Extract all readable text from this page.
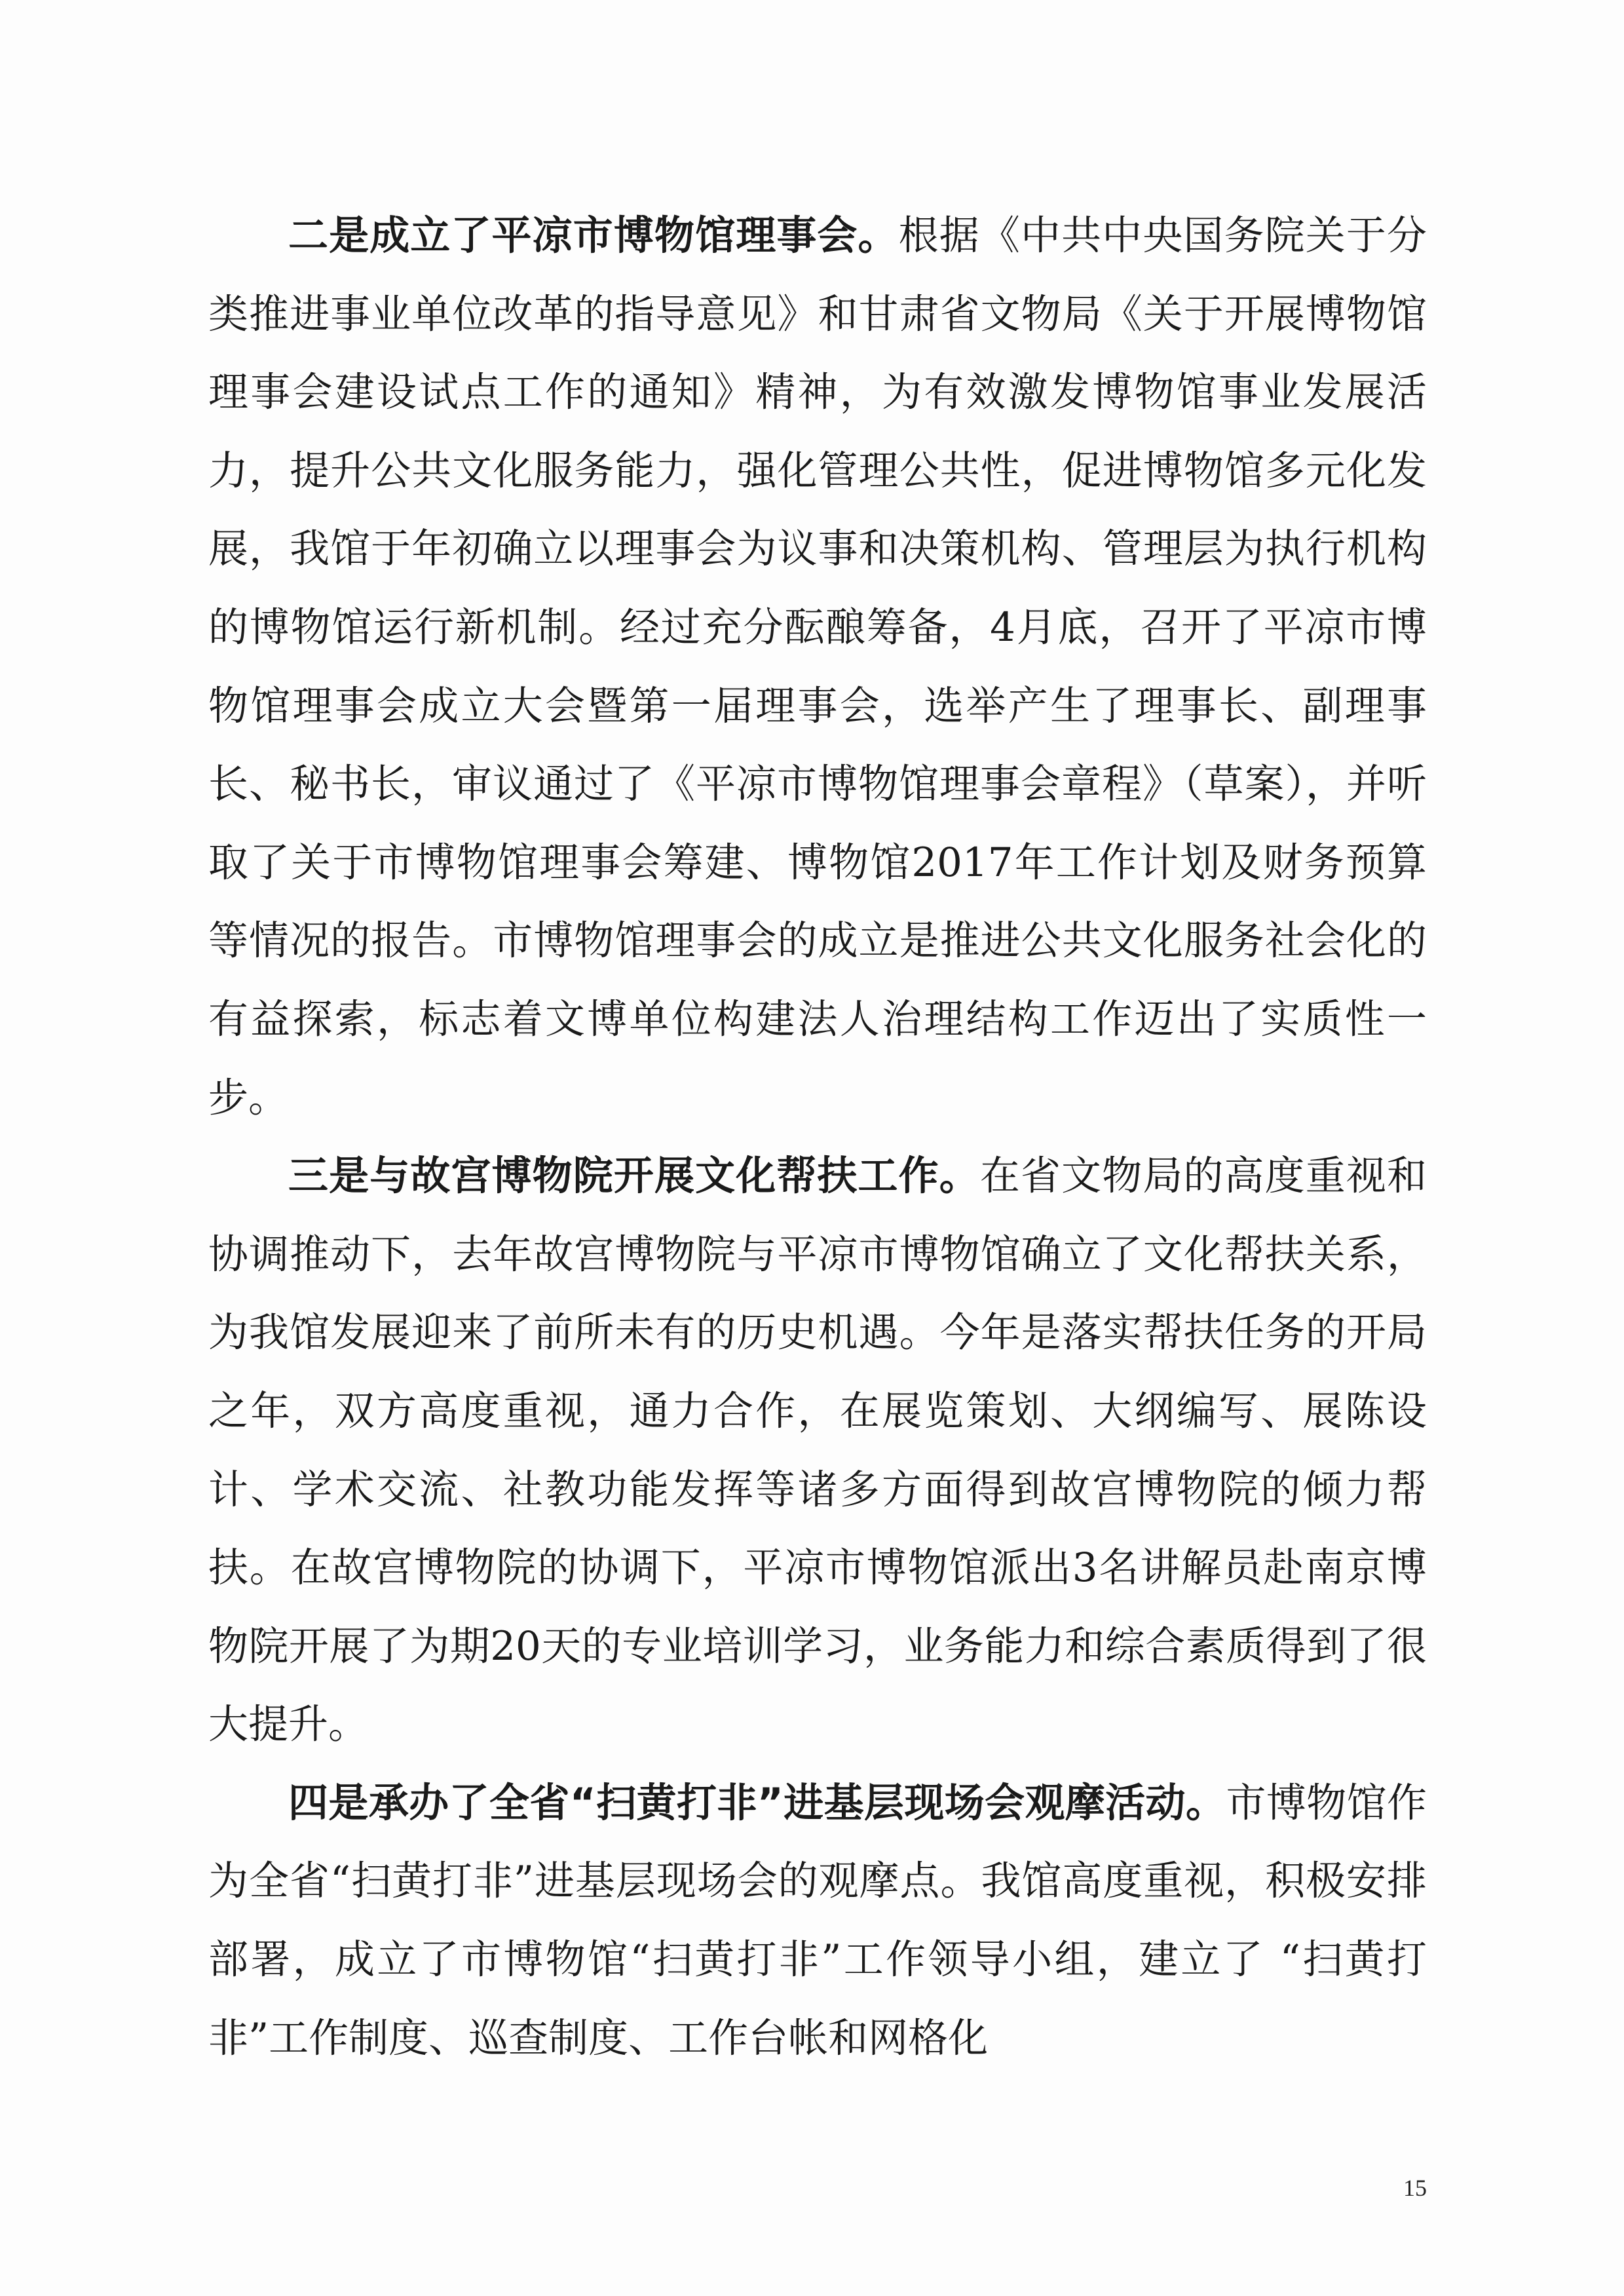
二是成立了平凉市博物馆理事会。根据《中共中央国务院关于分类推进事业单位改革的指导意见》和甘肃省文物局《关于开展博物馆理事会建设试点工作的通知》精神，为有效激发博物馆事业发展活力，提升公共文化服务能力，强化管理公共性，促进博物馆多元化发展，我馆于年初确立以理事会为议事和决策机构、管理层为执行机构的博物馆运行新机制。经过充分酝酿筹备，4月底，召开了平凉市博物馆理事会成立大会暨第一届理事会，选举产生了理事长、副理事长、秘书长，审议通过了《平凉市博物馆理事会章程》（草案），并听取了关于市博物馆理事会筹建、博物馆2017年工作计划及财务预算等情况的报告。市博物馆理事会的成立是推进公共文化服务社会化的有益探索，标志着文博单位构建法人治理结构工作迈出了实质性一步。

三是与故宫博物院开展文化帮扶工作。在省文物局的高度重视和协调推动下，去年故宫博物院与平凉市博物馆确立了文化帮扶关系，为我馆发展迎来了前所未有的历史机遇。今年是落实帮扶任务的开局之年，双方高度重视，通力合作，在展览策划、大纲编写、展陈设计、学术交流、社教功能发挥等诸多方面得到故宫博物院的倾力帮扶。在故宫博物院的协调下，平凉市博物馆派出3名讲解员赴南京博物院开展了为期20天的专业培训学习，业务能力和综合素质得到了很大提升。

四是承办了全省“扫黄打非”进基层现场会观摩活动。市博物馆作为全省“扫黄打非”进基层现场会的观摩点。我馆高度重视，积极安排部署，成立了市博物馆“扫黄打非”工作领导小组，建立了 “扫黄打非”工作制度、巡查制度、工作台帐和网格化

15
